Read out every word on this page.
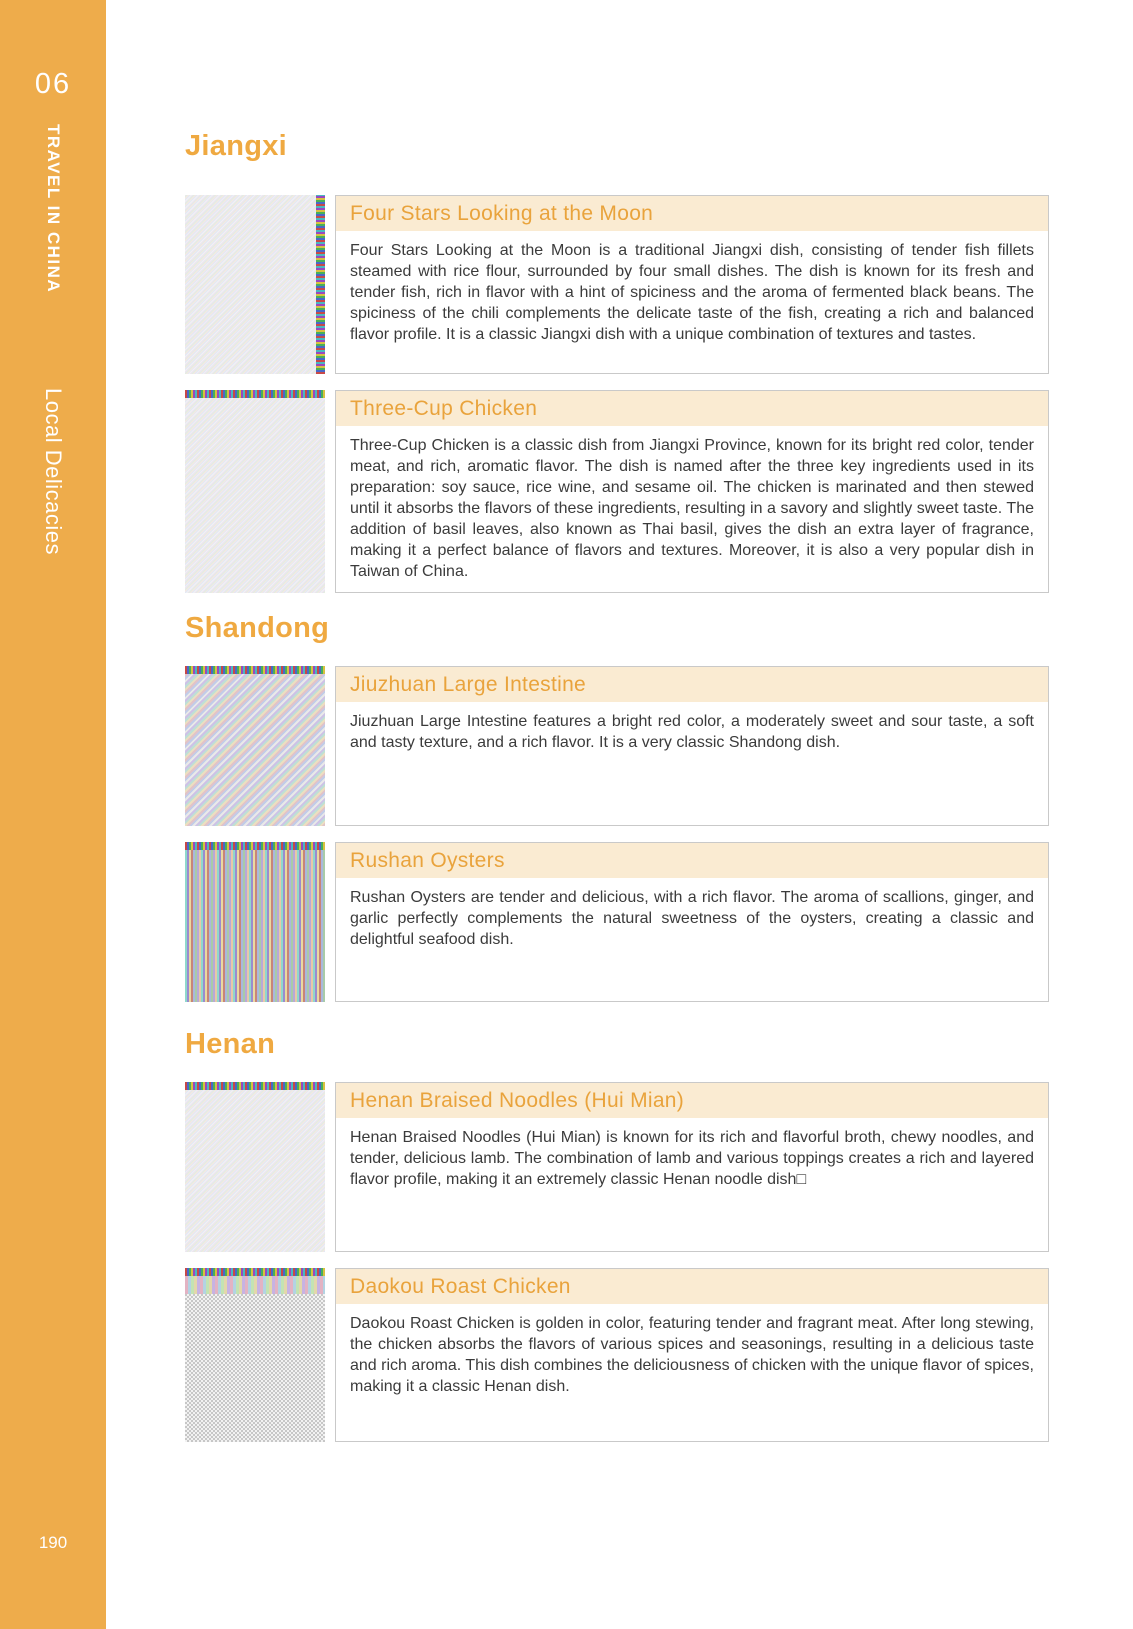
06
TRAVEL IN CHINA
Local Delicacies
190
Jiangxi
Four Stars Looking at the Moon

Four Stars Looking at the Moon is a traditional Jiangxi dish, consisting of tender fish fillets steamed with rice flour, surrounded by four small dishes. The dish is known for its fresh and tender fish, rich in flavor with a hint of spiciness and the aroma of fermented black beans. The spiciness of the chili complements the delicate taste of the fish, creating a rich and balanced flavor profile. It is a classic Jiangxi dish with a unique combination of textures and tastes.

Three-Cup Chicken

Three-Cup Chicken is a classic dish from Jiangxi Province, known for its bright red color, tender meat, and rich, aromatic flavor. The dish is named after the three key ingredients used in its preparation: soy sauce, rice wine, and sesame oil. The chicken is marinated and then stewed until it absorbs the flavors of these ingredients, resulting in a savory and slightly sweet taste. The addition of basil leaves, also known as Thai basil, gives the dish an extra layer of fragrance, making it a perfect balance of flavors and textures. Moreover, it is also a very popular dish in Taiwan of China.

Shandong
Jiuzhuan Large Intestine

Jiuzhuan Large Intestine features a bright red color, a moderately sweet and sour taste, a soft and tasty texture, and a rich flavor. It is a very classic Shandong dish.

Rushan Oysters

Rushan Oysters are tender and delicious, with a rich flavor. The aroma of scallions, ginger, and garlic perfectly complements the natural sweetness of the oysters, creating a classic and delightful seafood dish.

Henan
Henan Braised Noodles (Hui Mian)

Henan Braised Noodles (Hui Mian) is known for its rich and flavorful broth, chewy noodles, and tender, delicious lamb. The combination of lamb and various toppings creates a rich and layered flavor profile, making it an extremely classic Henan noodle dish□

Daokou Roast Chicken

Daokou Roast Chicken is golden in color, featuring tender and fragrant meat. After long stewing, the chicken absorbs the flavors of various spices and seasonings, resulting in a delicious taste and rich aroma. This dish combines the deliciousness of chicken with the unique flavor of spices, making it a classic Henan dish.
